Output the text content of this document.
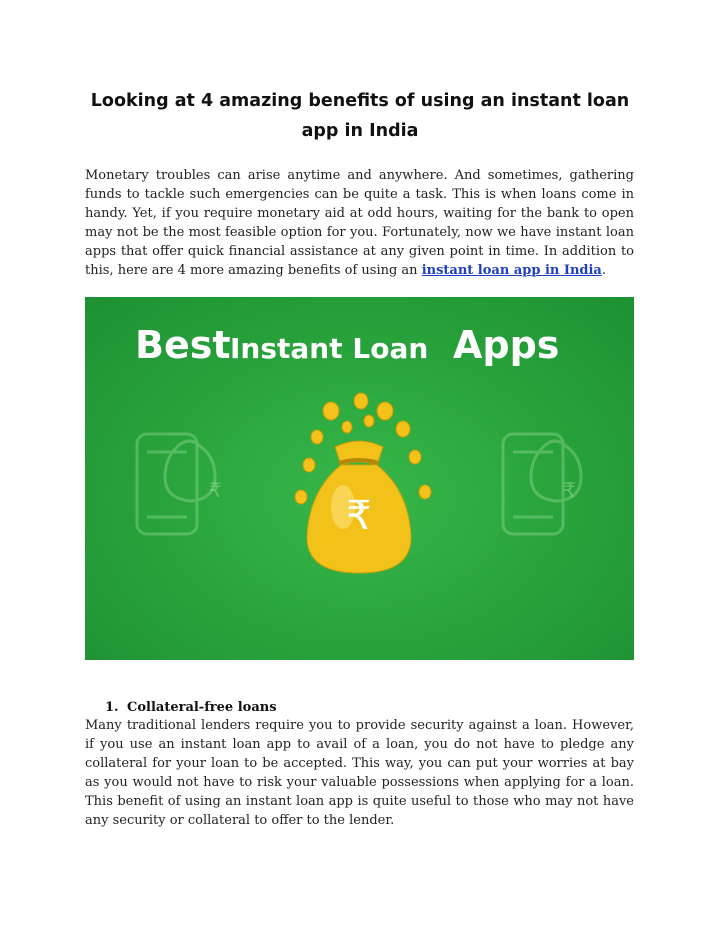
Looking at 4 amazing benefits of using an instant loan app in India
Monetary troubles can arise anytime and anywhere. And sometimes, gathering funds to tackle such emergencies can be quite a task. This is when loans come in handy. Yet, if you require monetary aid at odd hours, waiting for the bank to open may not be the most feasible option for you. Fortunately, now we have instant loan apps that offer quick financial assistance at any given point in time. In addition to this, here are 4 more amazing benefits of using an instant loan app in India.
₹	₹
₹
Best Instant Loan Apps
1. Collateral-free loans
Many traditional lenders require you to provide security against a loan. However, if you use an instant loan app to avail of a loan, you do not have to pledge any collateral for your loan to be accepted. This way, you can put your worries at bay as you would not have to risk your valuable possessions when applying for a loan. This benefit of using an instant loan app is quite useful to those who may not have any security or collateral to offer to the lender.
